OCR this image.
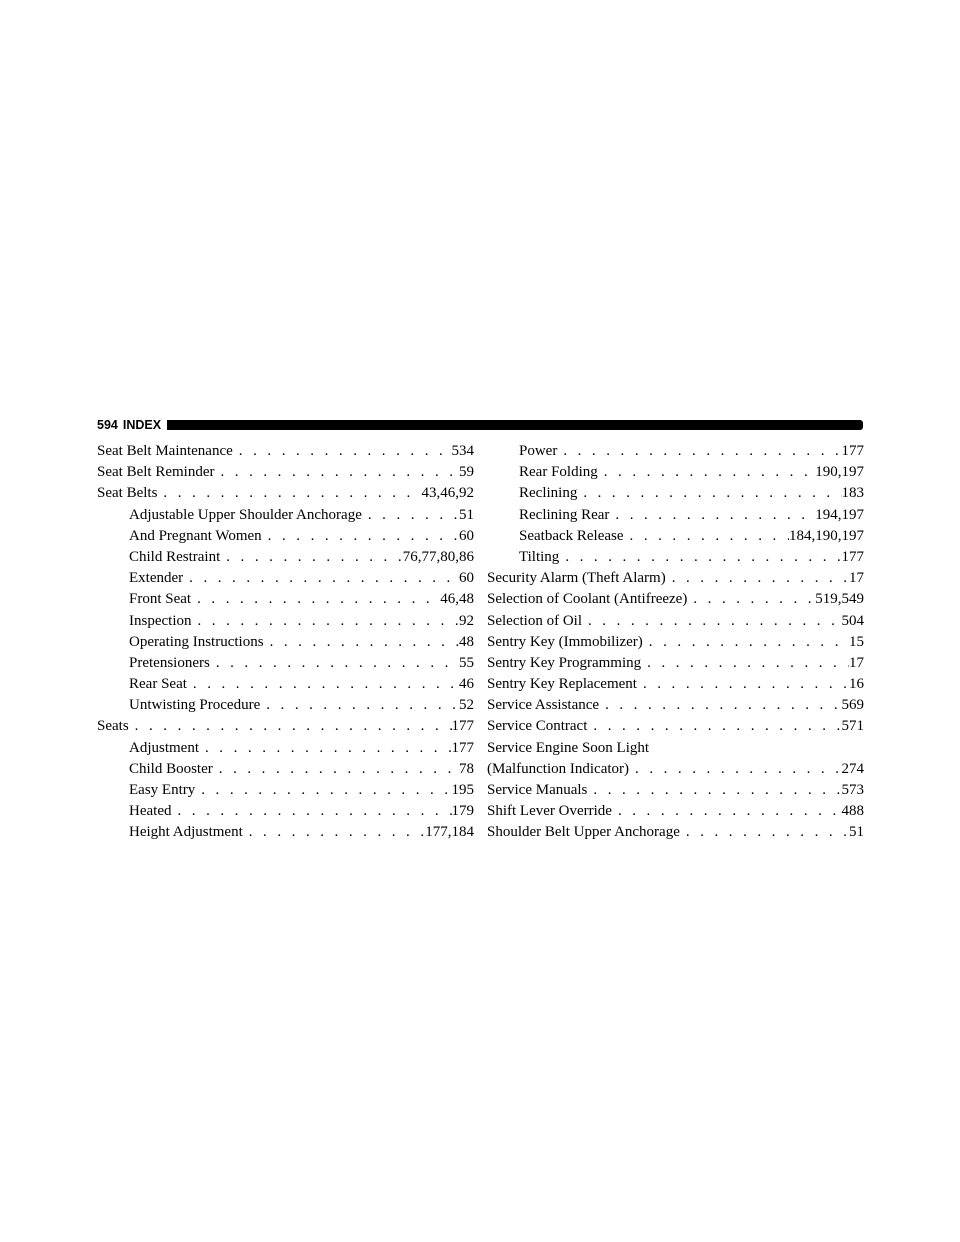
594 INDEX
Seat Belt Maintenance . . .	534
Seat Belt Reminder . . .	59
Seat Belts . . .	43,46,92
Adjustable Upper Shoulder Anchorage . . .	51
And Pregnant Women . . .	60
Child Restraint . . .	76,77,80,86
Extender . . .	60
Front Seat . . .	46,48
Inspection . . .	92
Operating Instructions . . .	48
Pretensioners . . .	55
Rear Seat . . .	46
Untwisting Procedure . . .	52
Seats . . .	177
Adjustment . . .	177
Child Booster . . .	78
Easy Entry . . .	195
Heated . . .	179
Height Adjustment . . .	177,184
Power . . .	177
Rear Folding . . .	190,197
Reclining . . .	183
Reclining Rear . . .	194,197
Seatback Release . . .	184,190,197
Tilting . . .	177
Security Alarm (Theft Alarm) . . .	17
Selection of Coolant (Antifreeze) . . .	519,549
Selection of Oil . . .	504
Sentry Key (Immobilizer) . . .	15
Sentry Key Programming . . .	17
Sentry Key Replacement . . .	16
Service Assistance . . .	569
Service Contract . . .	571
Service Engine Soon Light
(Malfunction Indicator) . . .	274
Service Manuals . . .	573
Shift Lever Override . . .	488
Shoulder Belt Upper Anchorage . . .	51
